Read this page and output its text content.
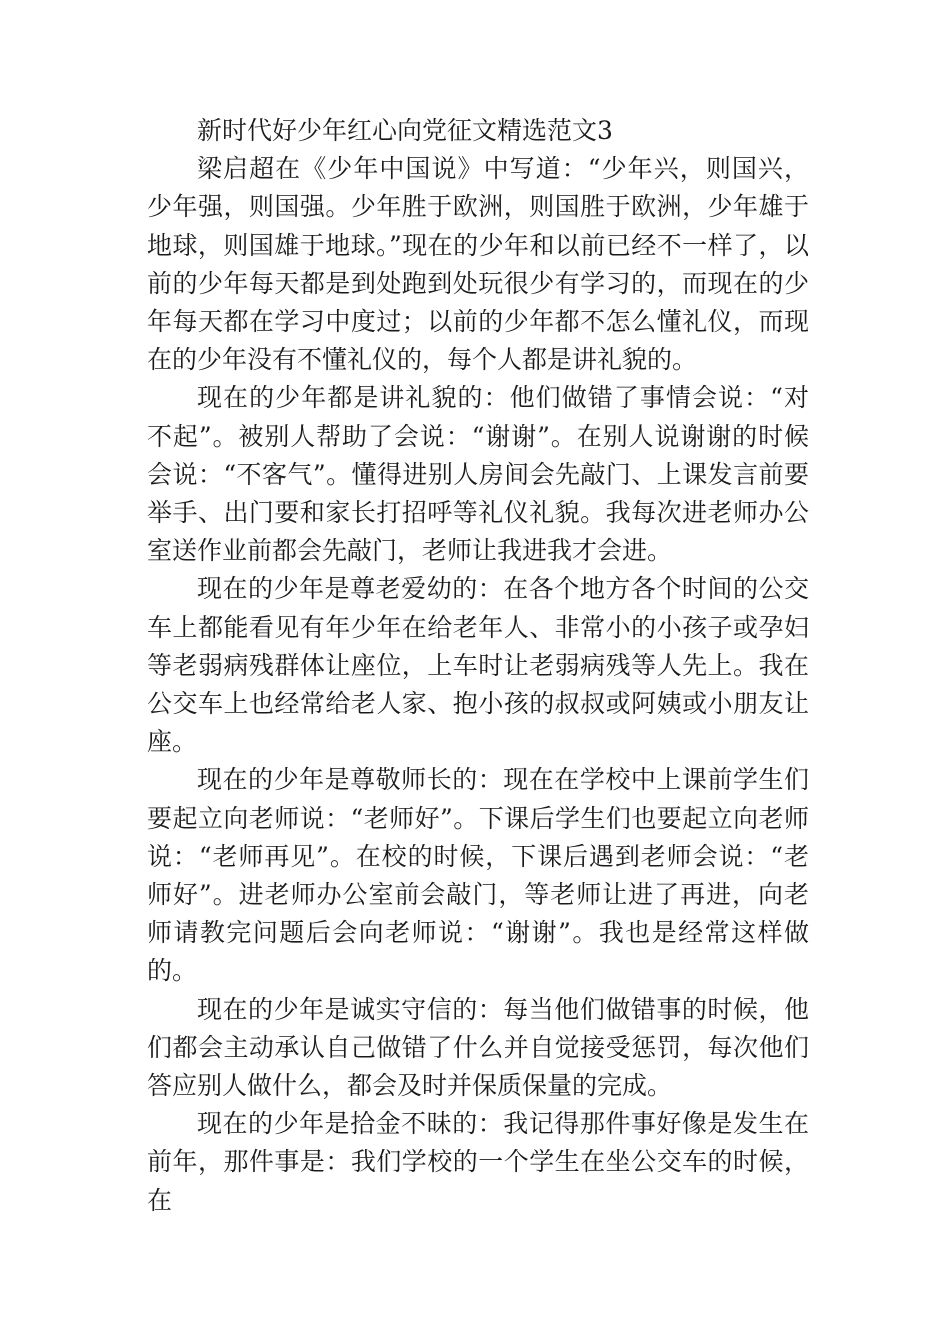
新时代好少年红心向党征文精选范文3

梁启超在《少年中国说》中写道：“少年兴，则国兴，少年强，则国强。少年胜于欧洲，则国胜于欧洲，少年雄于地球，则国雄于地球。”现在的少年和以前已经不一样了，以前的少年每天都是到处跑到处玩很少有学习的，而现在的少年每天都在学习中度过；以前的少年都不怎么懂礼仪，而现在的少年没有不懂礼仪的，每个人都是讲礼貌的。

现在的少年都是讲礼貌的：他们做错了事情会说：“对不起”。被别人帮助了会说：“谢谢”。在别人说谢谢的时候会说：“不客气”。懂得进别人房间会先敲门、上课发言前要举手、出门要和家长打招呼等礼仪礼貌。我每次进老师办公室送作业前都会先敲门，老师让我进我才会进。

现在的少年是尊老爱幼的：在各个地方各个时间的公交车上都能看见有年少年在给老年人、非常小的小孩子或孕妇等老弱病残群体让座位，上车时让老弱病残等人先上。我在公交车上也经常给老人家、抱小孩的叔叔或阿姨或小朋友让座。

现在的少年是尊敬师长的：现在在学校中上课前学生们要起立向老师说：“老师好”。下课后学生们也要起立向老师说：“老师再见”。在校的时候，下课后遇到老师会说：“老师好”。进老师办公室前会敲门，等老师让进了再进，向老师请教完问题后会向老师说：“谢谢”。我也是经常这样做的。

现在的少年是诚实守信的：每当他们做错事的时候，他们都会主动承认自己做错了什么并自觉接受惩罚，每次他们答应别人做什么，都会及时并保质保量的完成。

现在的少年是拾金不昧的：我记得那件事好像是发生在前年，那件事是：我们学校的一个学生在坐公交车的时候，在
